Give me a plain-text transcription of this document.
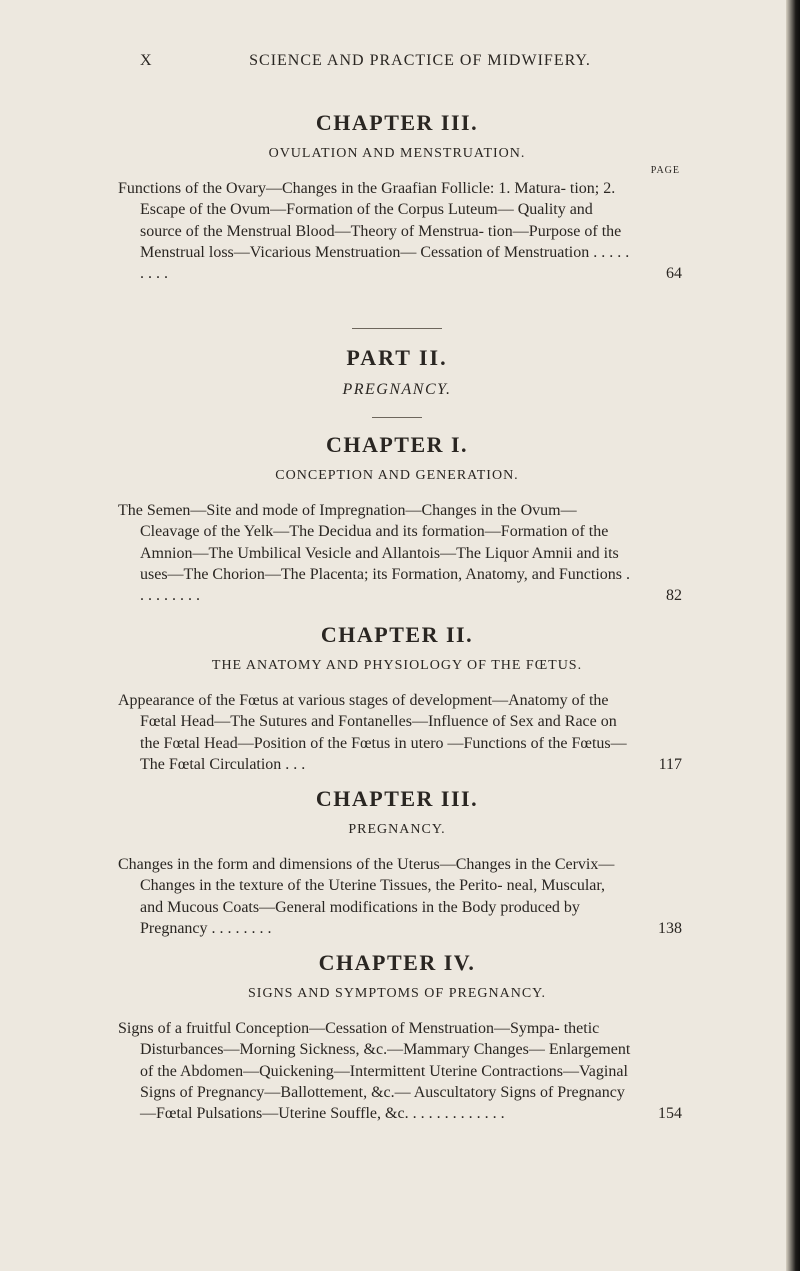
X	SCIENCE AND PRACTICE OF MIDWIFERY.
CHAPTER III.

OVULATION AND MENSTRUATION.

PAGE

Functions of the Ovary—Changes in the Graafian Follicle: 1. Matura- tion; 2. Escape of the Ovum—Formation of the Corpus Luteum— Quality and source of the Menstrual Blood—Theory of Menstrua- tion—Purpose of the Menstrual loss—Vicarious Menstruation— Cessation of Menstruation . . . . . . . . .	64

PART II.

PREGNANCY.

CHAPTER I.

CONCEPTION AND GENERATION.

The Semen—Site and mode of Impregnation—Changes in the Ovum— Cleavage of the Yelk—The Decidua and its formation—Formation of the Amnion—The Umbilical Vesicle and Allantois—The Liquor Amnii and its uses—The Chorion—The Placenta; its Formation, Anatomy, and Functions . . . . . . . . .	82

CHAPTER II.

THE ANATOMY AND PHYSIOLOGY OF THE FŒTUS.

Appearance of the Fœtus at various stages of development—Anatomy of the Fœtal Head—The Sutures and Fontanelles—Influence of Sex and Race on the Fœtal Head—Position of the Fœtus in utero —Functions of the Fœtus—The Fœtal Circulation . . .	117

CHAPTER III.

PREGNANCY.

Changes in the form and dimensions of the Uterus—Changes in the Cervix—Changes in the texture of the Uterine Tissues, the Perito- neal, Muscular, and Mucous Coats—General modifications in the Body produced by Pregnancy . . . . . . . .	138

CHAPTER IV.

SIGNS AND SYMPTOMS OF PREGNANCY.

Signs of a fruitful Conception—Cessation of Menstruation—Sympa- thetic Disturbances—Morning Sickness, &c.—Mammary Changes— Enlargement of the Abdomen—Quickening—Intermittent Uterine Contractions—Vaginal Signs of Pregnancy—Ballottement, &c.— Auscultatory Signs of Pregnancy—Fœtal Pulsations—Uterine Souffle, &c. . . . . . . . . . . . .	154
